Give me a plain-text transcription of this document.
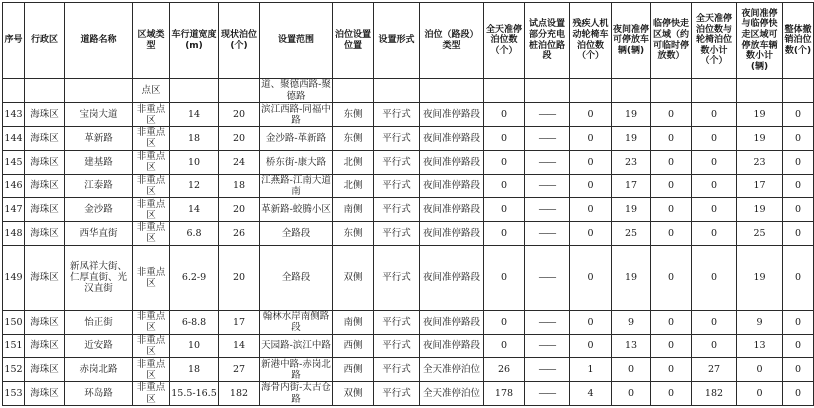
序号	行政区	道路名称	区域类型	车行道宽度(m)	现状泊位(个)	设置范围	泊位设置位置	设置形式	泊位（路段）类型	全天准停泊位数（个）	试点设置部分充电桩泊位路段	残疾人机动轮椅车泊位数（个）	夜间准停可停放车辆(辆)	临停快走区域（约可临时停放数）	全天准停泊位数与轮椅泊位数小计（个）	夜间准停与临停快走区域可停放车辆数小计(辆)	整体撤销泊位数(个)
			点区			道、聚德西路-聚德路											
143	海珠区	宝岗大道	非重点区	14	20	滨江西路-同福中路	东侧	平行式	夜间准停路段	0	——	0	19	0	0	19	0
144	海珠区	革新路	非重点区	18	20	金沙路-革新路	东侧	平行式	夜间准停路段	0	——	0	19	0	0	19	0
145	海珠区	建基路	非重点区	10	24	桥东街-康大路	北侧	平行式	夜间准停路段	0	——	0	23	0	0	23	0
146	海珠区	江泰路	非重点区	12	18	江燕路-江南大道南	北侧	平行式	夜间准停路段	0	——	0	17	0	0	17	0
147	海珠区	金沙路	非重点区	14	20	革新路-蛟腾小区	南侧	平行式	夜间准停路段	0	——	0	19	0	0	19	0
148	海珠区	西华直街	非重点区	6.8	26	全路段	东侧	平行式	夜间准停路段	0	——	0	25	0	0	25	0
149	海珠区	新凤祥大街、仁厚直街、光汉直街	非重点区	6.2-9	20	全路段	双侧	平行式	夜间准停路段	0	——	0	19	0	0	19	0
150	海珠区	怡正街	非重点区	6-8.8	17	翰林水岸南侧路段	南侧	平行式	夜间准停路段	0	——	0	9	0	0	9	0
151	海珠区	近安路	非重点区	10	14	天园路-滨江中路	西侧	平行式	夜间准停路段	0	——	0	13	0	0	13	0
152	海珠区	赤岗北路	非重点区	18	27	新港中路-赤岗北路	西侧	平行式	全天准停泊位	26	——	1	0	0	27	0	0
153	海珠区	环岛路	非重点区	15.5-16.5	182	海骨内街-太古仓路	双侧	平行式	全天准停泊位	178	——	4	0	0	182	0	0
